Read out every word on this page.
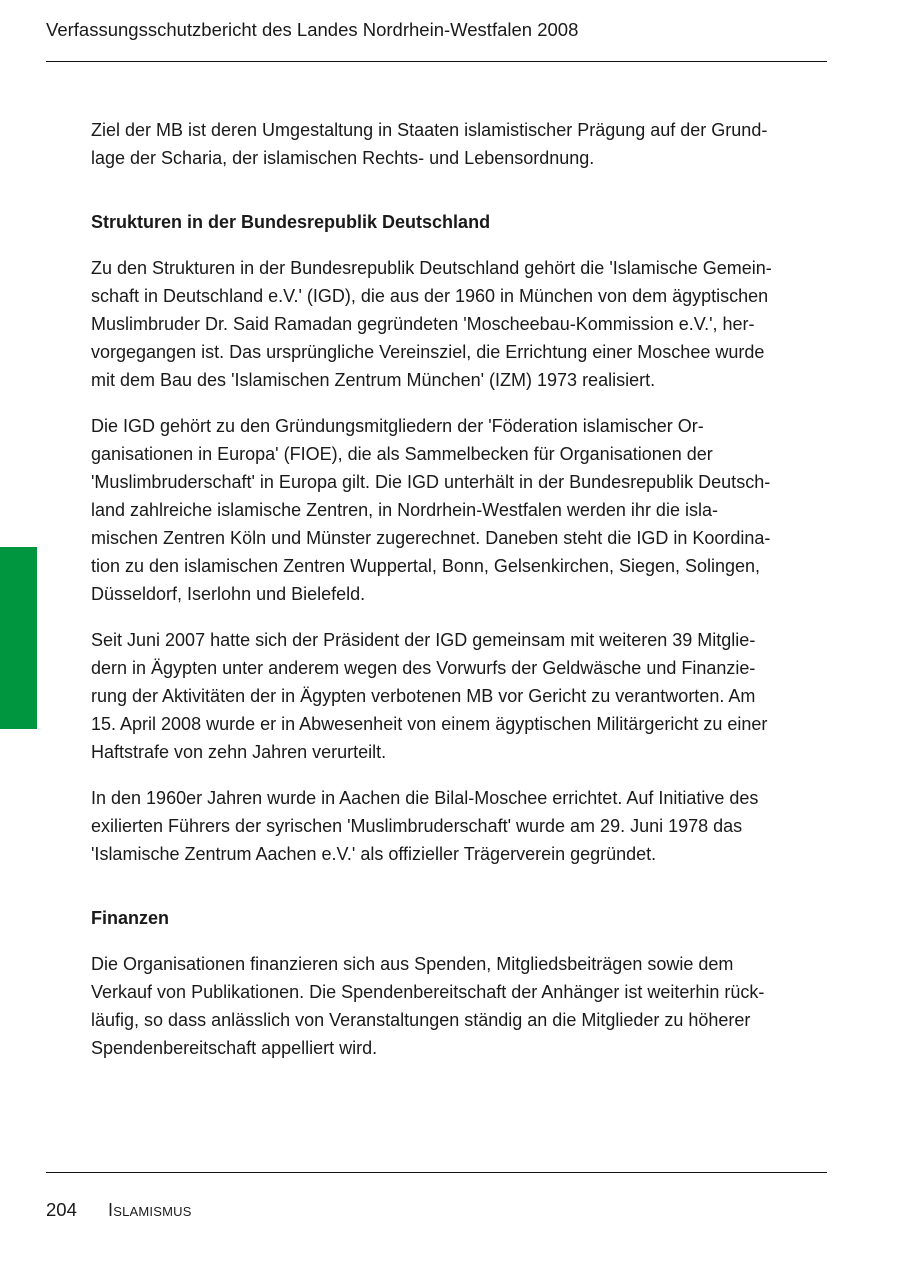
Verfassungsschutzbericht des Landes Nordrhein-Westfalen 2008

Ziel der MB ist deren Umgestaltung in Staaten islamistischer Prägung auf der Grund-
lage der Scharia, der islamischen Rechts- und Lebensordnung.

Strukturen in der Bundesrepublik Deutschland

Zu den Strukturen in der Bundesrepublik Deutschland gehört die 'Islamische Gemein-
schaft in Deutschland e.V.' (IGD), die aus der 1960 in München von dem ägyptischen
Muslimbruder Dr. Said Ramadan gegründeten 'Moscheebau-Kommission e.V.', her-
vorgegangen ist. Das ursprüngliche Vereinsziel, die Errichtung einer Moschee wurde
mit dem Bau des 'Islamischen Zentrum München' (IZM) 1973 realisiert.

Die IGD gehört zu den Gründungsmitgliedern der 'Föderation islamischer Or-
ganisationen in Europa' (FIOE), die als Sammelbecken für Organisationen der
'Muslimbruderschaft' in Europa gilt. Die IGD unterhält in der Bundesrepublik Deutsch-
land zahlreiche islamische Zentren, in Nordrhein-Westfalen werden ihr die isla-
mischen Zentren Köln und Münster zugerechnet. Daneben steht die IGD in Koordina-
tion zu den islamischen Zentren Wuppertal, Bonn, Gelsenkirchen, Siegen, Solingen,
Düsseldorf, Iserlohn und Bielefeld.

Seit Juni 2007 hatte sich der Präsident der IGD gemeinsam mit weiteren 39 Mitglie-
dern in Ägypten unter anderem wegen des Vorwurfs der Geldwäsche und Finanzie-
rung der Aktivitäten der in Ägypten verbotenen MB vor Gericht zu verantworten. Am
15. April 2008 wurde er in Abwesenheit von einem ägyptischen Militärgericht zu einer
Haftstrafe von zehn Jahren verurteilt.

In den 1960er Jahren wurde in Aachen die Bilal-Moschee errichtet. Auf Initiative des
exilierten Führers der syrischen 'Muslimbruderschaft' wurde am 29. Juni 1978 das
'Islamische Zentrum Aachen e.V.' als offizieller Trägerverein gegründet.

Finanzen

Die Organisationen finanzieren sich aus Spenden, Mitgliedsbeiträgen sowie dem
Verkauf von Publikationen. Die Spendenbereitschaft der Anhänger ist weiterhin rück-
läufig, so dass anlässlich von Veranstaltungen ständig an die Mitglieder zu höherer
Spendenbereitschaft appelliert wird.

204 Islamismus
